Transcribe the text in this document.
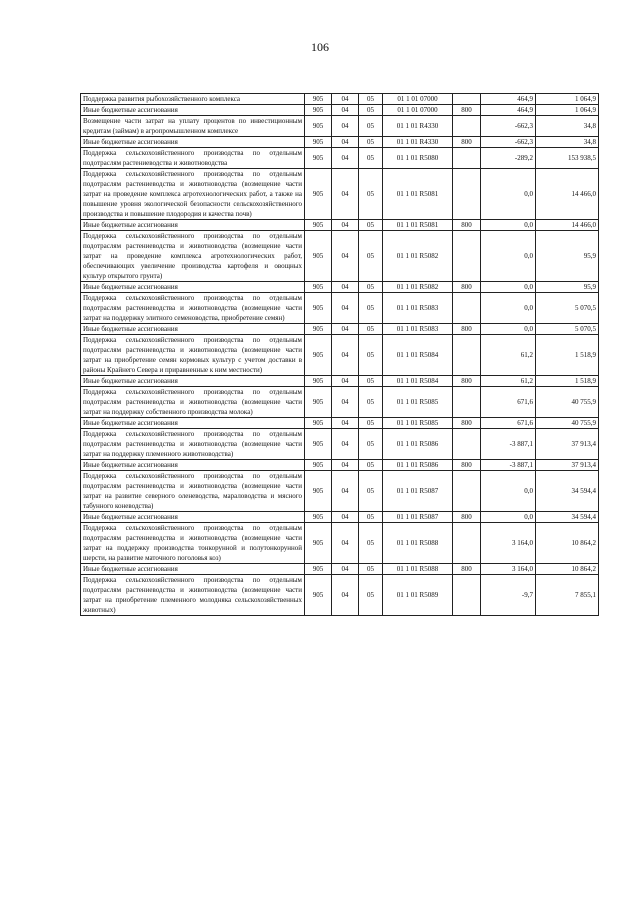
106
Поддержка развития рыбохозяйственного комплекса	905	04	05	01 1 01 07000		464,9	1 064,9
Иные бюджетные ассигнования	905	04	05	01 1 01 07000	800	464,9	1 064,9
Возмещение части затрат на уплату процентов по инвестиционным кредитам (займам) в агропромышленном комплексе	905	04	05	01 1 01 R4330		-662,3	34,8
Иные бюджетные ассигнования	905	04	05	01 1 01 R4330	800	-662,3	34,8
Поддержка сельскохозяйственного производства по отдельным подотраслям растениеводства и животноводства	905	04	05	01 1 01 R5080		-289,2	153 938,5
Поддержка сельскохозяйственного производства по отдельным подотраслям растениеводства и животноводства (возмещение части затрат на проведение комплекса агротехнологических работ, а также на повышение уровня экологической безопасности сельскохозяйственного производства и повышение плодородия и качества почв)	905	04	05	01 1 01 R5081		0,0	14 466,0
Иные бюджетные ассигнования	905	04	05	01 1 01 R5081	800	0,0	14 466,0
Поддержка сельскохозяйственного производства по отдельным подотраслям растениеводства и животноводства (возмещение части затрат на проведение комплекса агротехнологических работ, обеспечивающих увеличение производства картофеля и овощных культур открытого грунта)	905	04	05	01 1 01 R5082		0,0	95,9
Иные бюджетные ассигнования	905	04	05	01 1 01 R5082	800	0,0	95,9
Поддержка сельскохозяйственного производства по отдельным подотраслям растениеводства и животноводства (возмещение части затрат на поддержку элитного семеноводства, приобретение семян)	905	04	05	01 1 01 R5083		0,0	5 070,5
Иные бюджетные ассигнования	905	04	05	01 1 01 R5083	800	0,0	5 070,5
Поддержка сельскохозяйственного производства по отдельным подотраслям растениеводства и животноводства (возмещение части затрат на приобретение семян кормовых культур с учетом доставки в районы Крайнего Севера и приравненные к ним местности)	905	04	05	01 1 01 R5084		61,2	1 518,9
Иные бюджетные ассигнования	905	04	05	01 1 01 R5084	800	61,2	1 518,9
Поддержка сельскохозяйственного производства по отдельным подотраслям растениеводства и животноводства (возмещение части затрат на поддержку собственного производства молока)	905	04	05	01 1 01 R5085		671,6	40 755,9
Иные бюджетные ассигнования	905	04	05	01 1 01 R5085	800	671,6	40 755,9
Поддержка сельскохозяйственного производства по отдельным подотраслям растениеводства и животноводства (возмещение части затрат на поддержку племенного животноводства)	905	04	05	01 1 01 R5086		-3 887,1	37 913,4
Иные бюджетные ассигнования	905	04	05	01 1 01 R5086	800	-3 887,1	37 913,4
Поддержка сельскохозяйственного производства по отдельным подотраслям растениеводства и животноводства (возмещение части затрат на развитие северного оленеводства, мараловодства и мясного табунного коневодства)	905	04	05	01 1 01 R5087		0,0	34 594,4
Иные бюджетные ассигнования	905	04	05	01 1 01 R5087	800	0,0	34 594,4
Поддержка сельскохозяйственного производства по отдельным подотраслям растениеводства и животноводства (возмещение части затрат на поддержку производства тонкорунной и полутонкорунной шерсти, на развитие маточного поголовья коз)	905	04	05	01 1 01 R5088		3 164,0	10 864,2
Иные бюджетные ассигнования	905	04	05	01 1 01 R5088	800	3 164,0	10 864,2
Поддержка сельскохозяйственного производства по отдельным подотраслям растениеводства и животноводства (возмещение части затрат на приобретение племенного молодняка сельскохозяйственных животных)	905	04	05	01 1 01 R5089		-9,7	7 855,1
